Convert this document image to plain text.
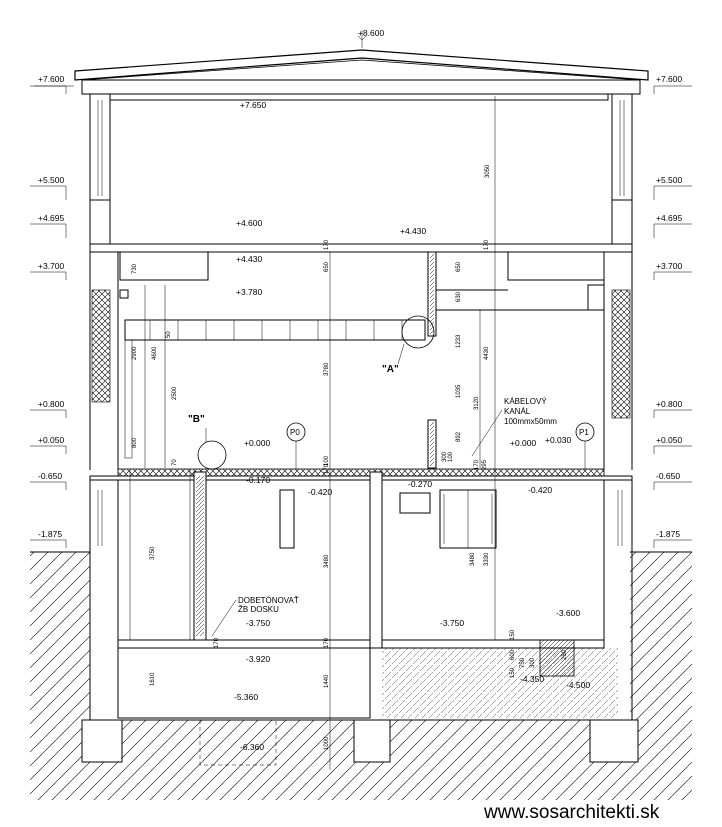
+8.600
+7.600	+7.600
+7.650
+5.500	+5.500
+4.695	+4.695
+4.600
+4.430
+4.430
+3.700	+3.700
+3.780
+0.800	+0.800
+0.050	+0.050
+0.000	+0.000 +0.030
-0.650	-0.650
-0.170
-0.420
-0.270
-0.420
-1.875	-1.875
-3.750	-3.750
-3.600
-3.920
-4.350
-4.500
-5.360
-6.360
3050
170
650
730
4600
2900
2500
800
70
3780
100
170
650
630
1233
1035
892
300 100
3120
4430
170 295
170
3750
3480	3480 3330
170
1610	1440
170
1000
150
600
150
750 300
50
250
"A"
"B"
P0	P1
KÁBELOVÝ
KANÁL
100mmx50mm
DOBETÓNOVAŤ
ŽB DOSKU
www.sosarchitekti.sk
